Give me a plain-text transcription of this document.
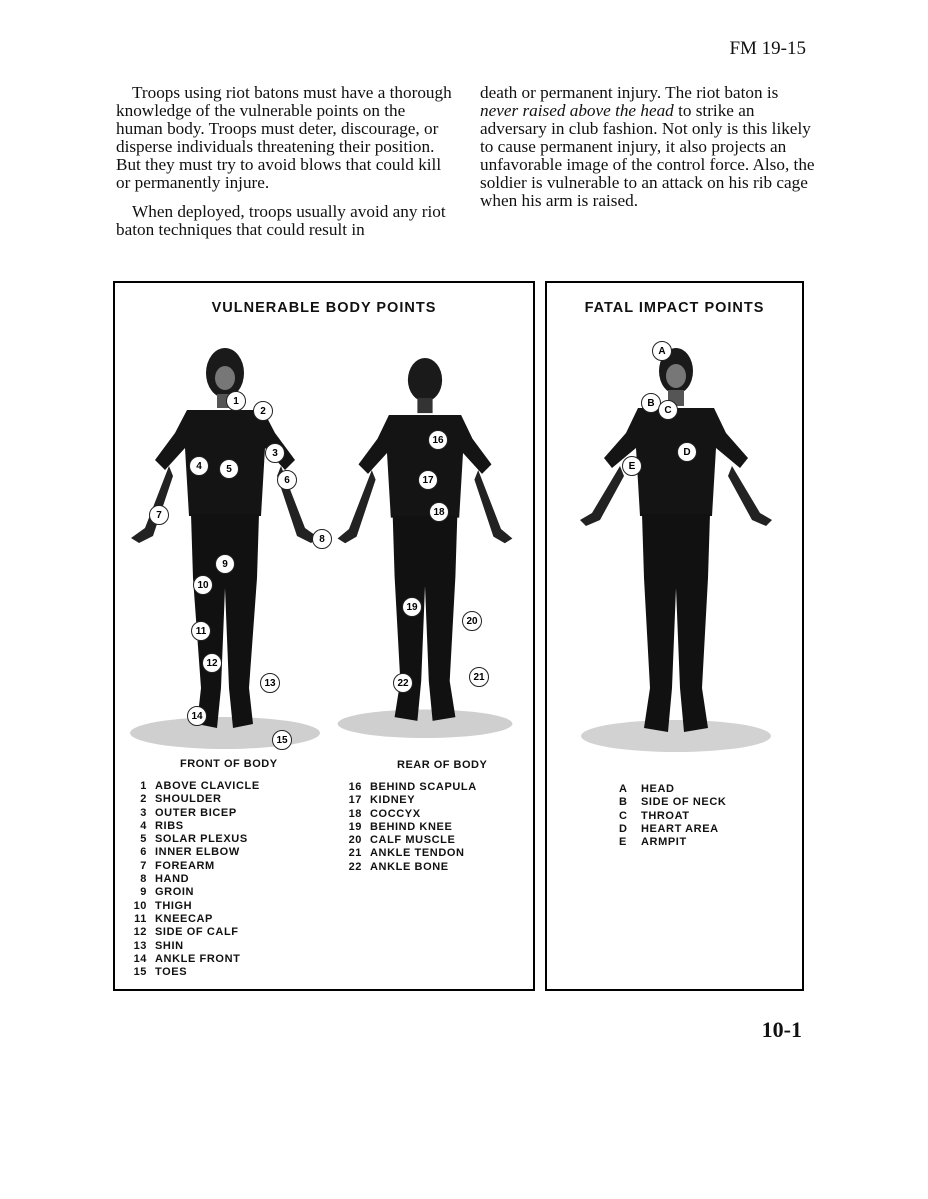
FM 19-15

Troops using riot batons must have a thorough knowledge of the vulnerable points on the human body. Troops must deter, discourage, or disperse individuals threatening their position. But they must try to avoid blows that could kill or permanently injure.

When deployed, troops usually avoid any riot baton techniques that could result in

death or permanent injury. The riot baton is never raised above the head to strike an adversary in club fashion. Not only is this likely to cause permanent injury, it also projects an unfavorable image of the control force. Also, the soldier is vulnerable to an attack on his rib cage when his arm is raised.

VULNERABLE BODY POINTS
1
2
3
4	5
6
7
8
9
10
11
12
13
14
15
16
17
18
19
20
21
22
FRONT OF BODY	REAR OF BODY
1 ABOVE CLAVICLE
2 SHOULDER
3 OUTER BICEP
4 RIBS
5 SOLAR PLEXUS
6 INNER ELBOW
7 FOREARM
8 HAND
9 GROIN
10 THIGH
11 KNEECAP
12 SIDE OF CALF
13 SHIN
14 ANKLE FRONT
15 TOES
16 BEHIND SCAPULA
17 KIDNEY
18 COCCYX
19 BEHIND KNEE
20 CALF MUSCLE
21 ANKLE TENDON
22 ANKLE BONE
FATAL IMPACT POINTS
A
B
C
D
E
A HEAD
B SIDE OF NECK
C THROAT
D HEART AREA
E ARMPIT
10-1
